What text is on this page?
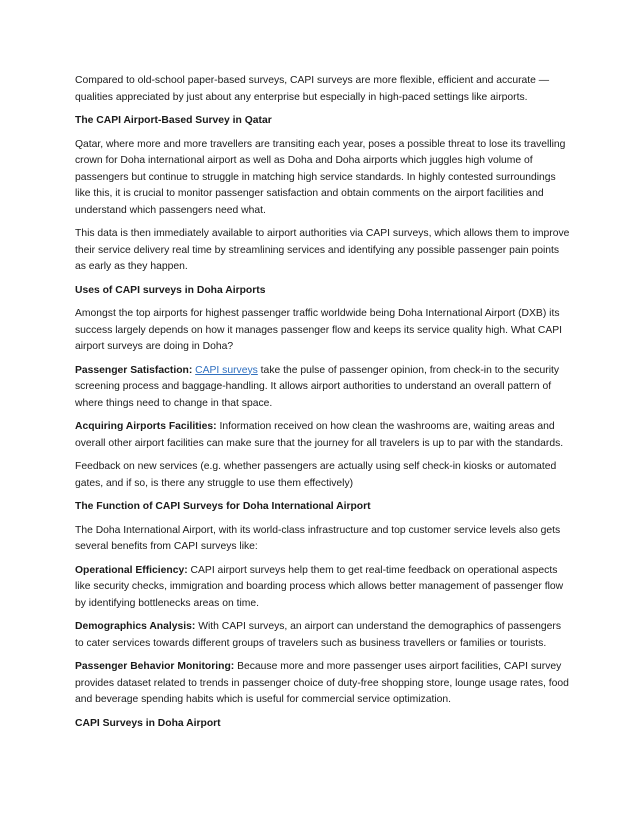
Compared to old-school paper-based surveys, CAPI surveys are more flexible, efficient and accurate — qualities appreciated by just about any enterprise but especially in high-paced settings like airports.

The CAPI Airport-Based Survey in Qatar

Qatar, where more and more travellers are transiting each year, poses a possible threat to lose its travelling crown for Doha international airport as well as Doha and Doha airports which juggles high volume of passengers but continue to struggle in matching high service standards. In highly contested surroundings like this, it is crucial to monitor passenger satisfaction and obtain comments on the airport facilities and understand which passengers need what.

This data is then immediately available to airport authorities via CAPI surveys, which allows them to improve their service delivery real time by streamlining services and identifying any possible passenger pain points as early as they happen.

Uses of CAPI surveys in Doha Airports

Amongst the top airports for highest passenger traffic worldwide being Doha International Airport (DXB) its success largely depends on how it manages passenger flow and keeps its service quality high. What CAPI airport surveys are doing in Doha?

Passenger Satisfaction: CAPI surveys take the pulse of passenger opinion, from check-in to the security screening process and baggage-handling. It allows airport authorities to understand an overall pattern of where things need to change in that space.

Acquiring Airports Facilities: Information received on how clean the washrooms are, waiting areas and overall other airport facilities can make sure that the journey for all travelers is up to par with the standards.

Feedback on new services (e.g. whether passengers are actually using self check-in kiosks or automated gates, and if so, is there any struggle to use them effectively)

The Function of CAPI Surveys for Doha International Airport

The Doha International Airport, with its world-class infrastructure and top customer service levels also gets several benefits from CAPI surveys like:

Operational Efficiency: CAPI airport surveys help them to get real-time feedback on operational aspects like security checks, immigration and boarding process which allows better management of passenger flow by identifying bottlenecks areas on time.

Demographics Analysis: With CAPI surveys, an airport can understand the demographics of passengers to cater services towards different groups of travelers such as business travellers or families or tourists.

Passenger Behavior Monitoring: Because more and more passenger uses airport facilities, CAPI survey provides dataset related to trends in passenger choice of duty-free shopping store, lounge usage rates, food and beverage spending habits which is useful for commercial service optimization.

CAPI Surveys in Doha Airport
